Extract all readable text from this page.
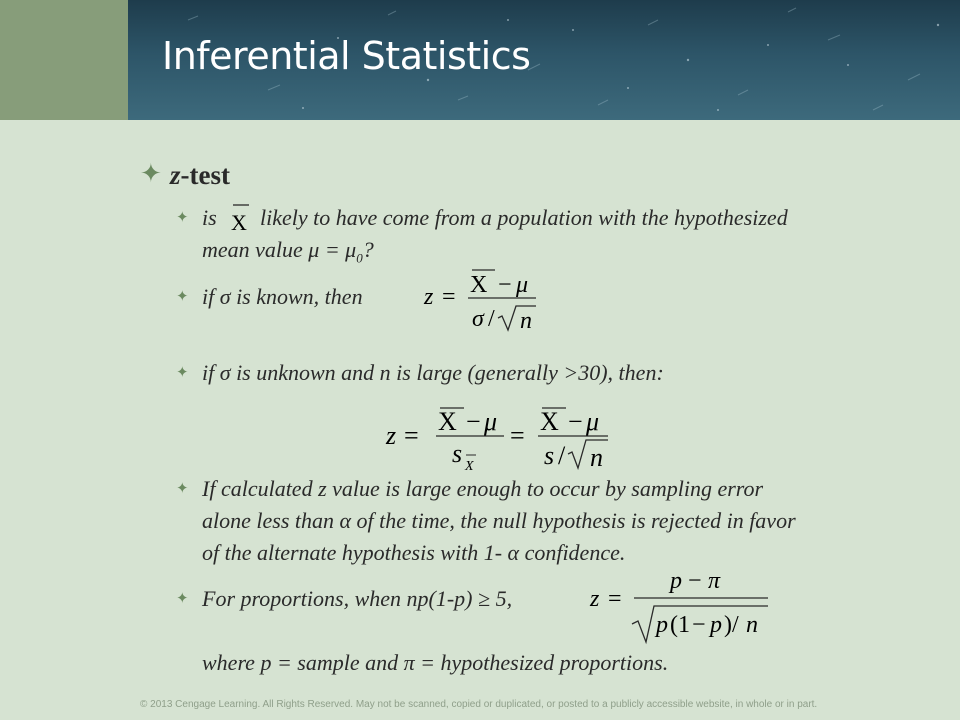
Inferential Statistics
✦ z-test
✦ is X likely to have come from a population with the hypothesized
mean value $\mu = \mu_0$?
✦ if σ is known, then	z = X − μ
σ / n
✦ if σ is unknown and n is large (generally >30), then:
z = X − μ
s X
= X − μ
s / n
✦ If calculated z value is large enough to occur by sampling error
alone less than α of the time, the null hypothesis is rejected in favor
of the alternate hypothesis with 1- α confidence.
✦ For proportions, when np(1-p) ≥ 5,	z =
p − π
p (1 − p )/ n
where p = sample and π = hypothesized proportions.
© 2013 Cengage Learning. All Rights Reserved. May not be scanned, copied or duplicated, or posted to a publicly accessible website, in whole or in part.
